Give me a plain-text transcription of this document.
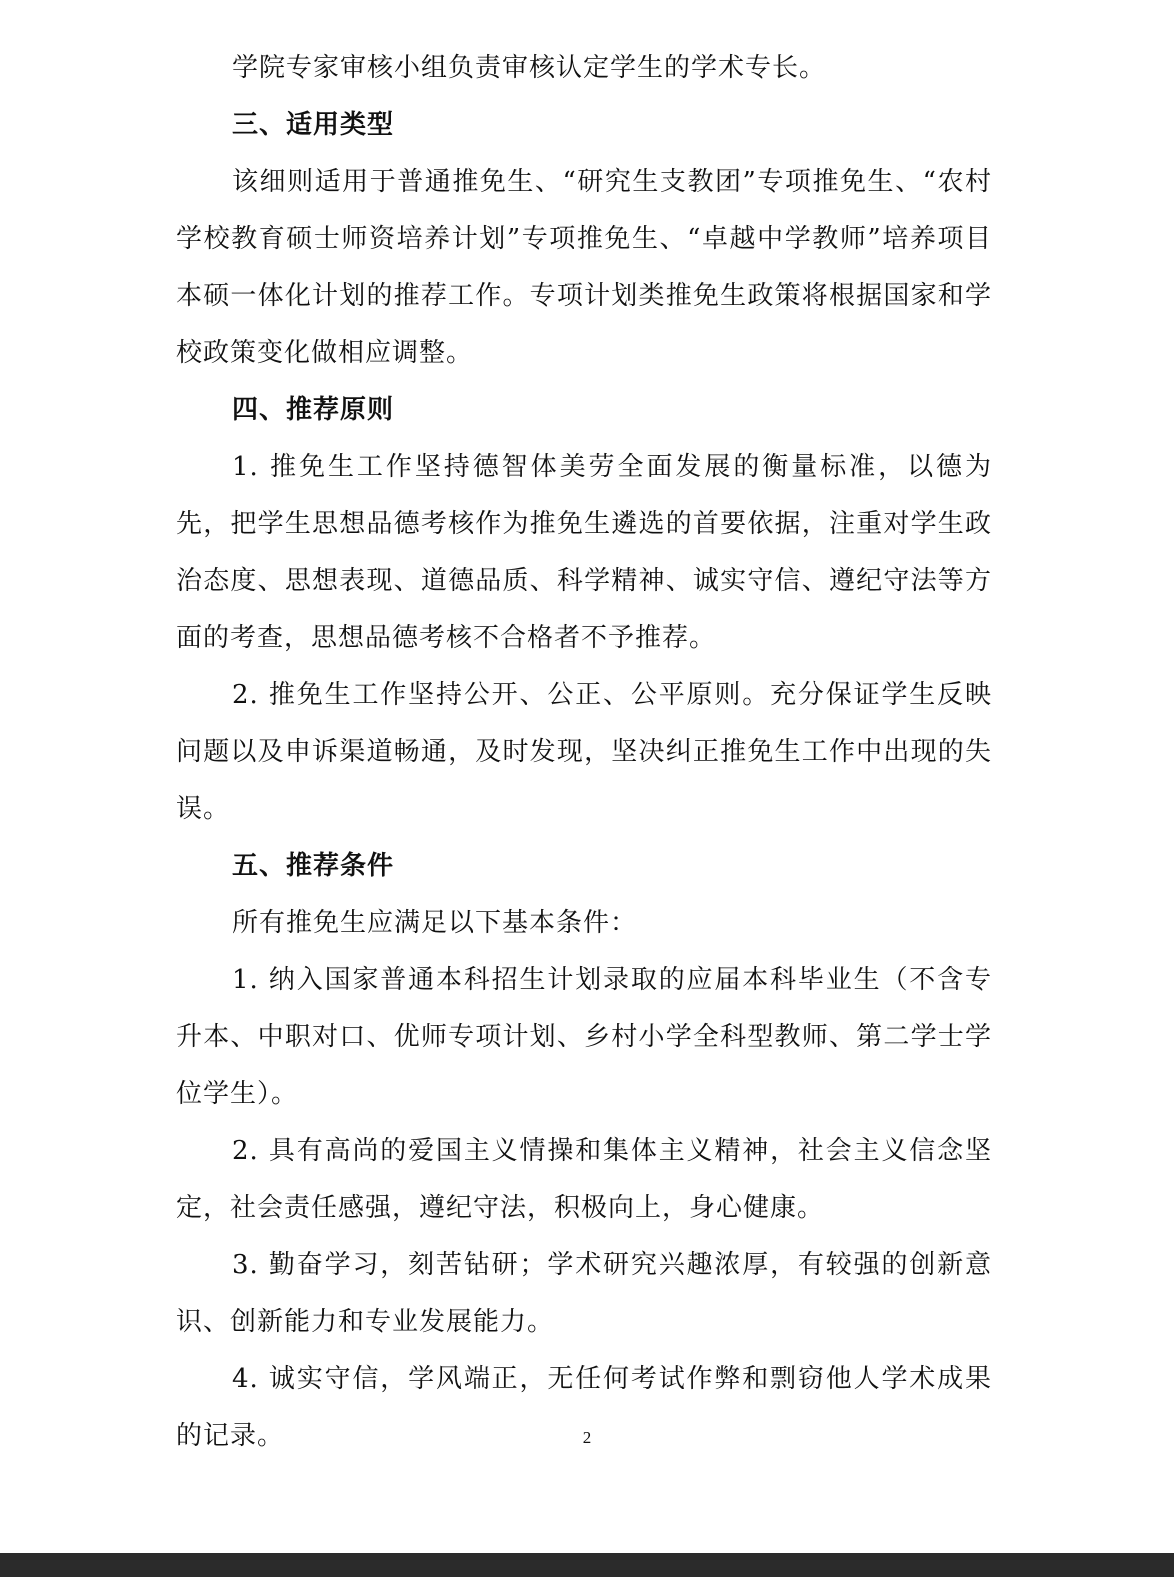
学院专家审核小组负责审核认定学生的学术专长。

三、适用类型

该细则适用于普通推免生、“研究生支教团”专项推免生、“农村学校教育硕士师资培养计划”专项推免生、“卓越中学教师”培养项目本硕一体化计划的推荐工作。专项计划类推免生政策将根据国家和学校政策变化做相应调整。

四、推荐原则

1. 推免生工作坚持德智体美劳全面发展的衡量标准，以德为先，把学生思想品德考核作为推免生遴选的首要依据，注重对学生政治态度、思想表现、道德品质、科学精神、诚实守信、遵纪守法等方面的考查，思想品德考核不合格者不予推荐。

2. 推免生工作坚持公开、公正、公平原则。充分保证学生反映问题以及申诉渠道畅通，及时发现，坚决纠正推免生工作中出现的失误。

五、推荐条件

所有推免生应满足以下基本条件：

1. 纳入国家普通本科招生计划录取的应届本科毕业生（不含专升本、中职对口、优师专项计划、乡村小学全科型教师、第二学士学位学生）。

2. 具有高尚的爱国主义情操和集体主义精神，社会主义信念坚定，社会责任感强，遵纪守法，积极向上，身心健康。

3. 勤奋学习，刻苦钻研；学术研究兴趣浓厚，有较强的创新意识、创新能力和专业发展能力。

4. 诚实守信，学风端正，无任何考试作弊和剽窃他人学术成果的记录。	2
